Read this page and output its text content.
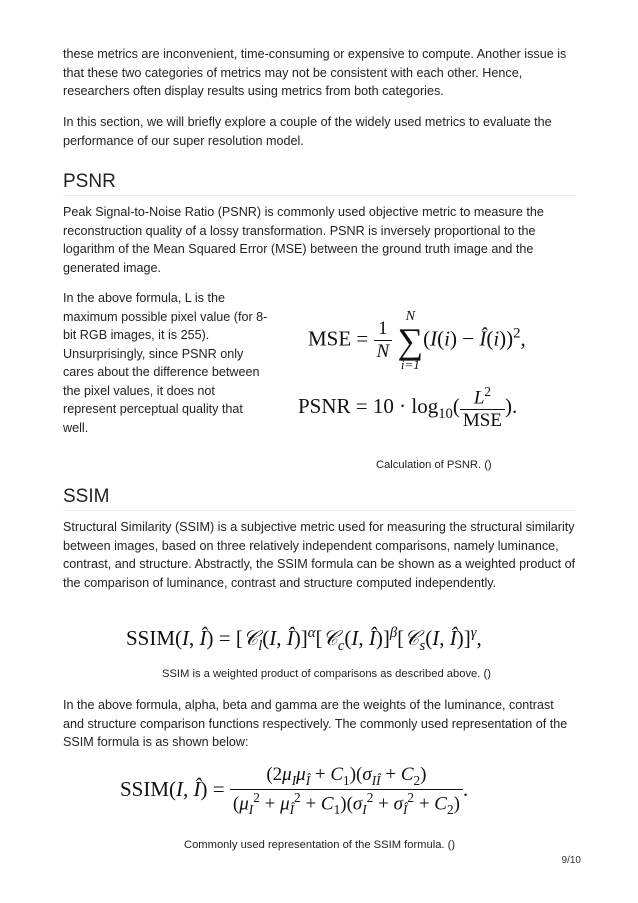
these metrics are inconvenient, time-consuming or expensive to compute. Another issue is that these two categories of metrics may not be consistent with each other. Hence, researchers often display results using metrics from both categories.

In this section, we will briefly explore a couple of the widely used metrics to evaluate the performance of our super resolution model.

PSNR

Peak Signal-to-Noise Ratio (PSNR) is commonly used objective metric to measure the reconstruction quality of a lossy transformation. PSNR is inversely proportional to the logarithm of the Mean Squared Error (MSE) between the ground truth image and the generated image.

In the above formula, L is the maximum possible pixel value (for 8-bit RGB images, it is 255). Unsurprisingly, since PSNR only cares about the difference between the pixel values, it does not represent perceptual quality that well.

MSE = $\frac{1}{N}$

N
∑
i=1
(I(i) − Î(i))$^2$,
PSNR = $10 \cdot \log_{10}( \frac{L^2}{\text{MSE}}$ ).
Calculation of PSNR. ()
SSIM

Structural Similarity (SSIM) is a subjective metric used for measuring the structural similarity between images, based on three relatively independent comparisons, namely luminance, contrast, and structure. Abstractly, the SSIM formula can be shown as a weighted product of the comparison of luminance, contrast and structure computed independently.

SSIM(I, Î) = [𝒞$_l$(I, Î)]$^\alpha$[𝒞$_c$(I, Î)]$^\beta$[𝒞$_s$(I, Î)]$^\gamma$,
SSIM is a weighted product of comparisons as described above. ()

In the above formula, alpha, beta and gamma are the weights of the luminance, contrast and structure comparison functions respectively. The commonly used representation of the SSIM formula is as shown below:

SSIM(I, Î) = $\frac{(2\mu_I\mu_Î + C_1)(\sigma_{IÎ} + C_2)}{(\mu_I^2 + \mu_Î^2 + C_1)(\sigma_I^2 + \sigma_Î^2 + C_2)}$ .
Commonly used representation of the SSIM formula. ()
9/10
